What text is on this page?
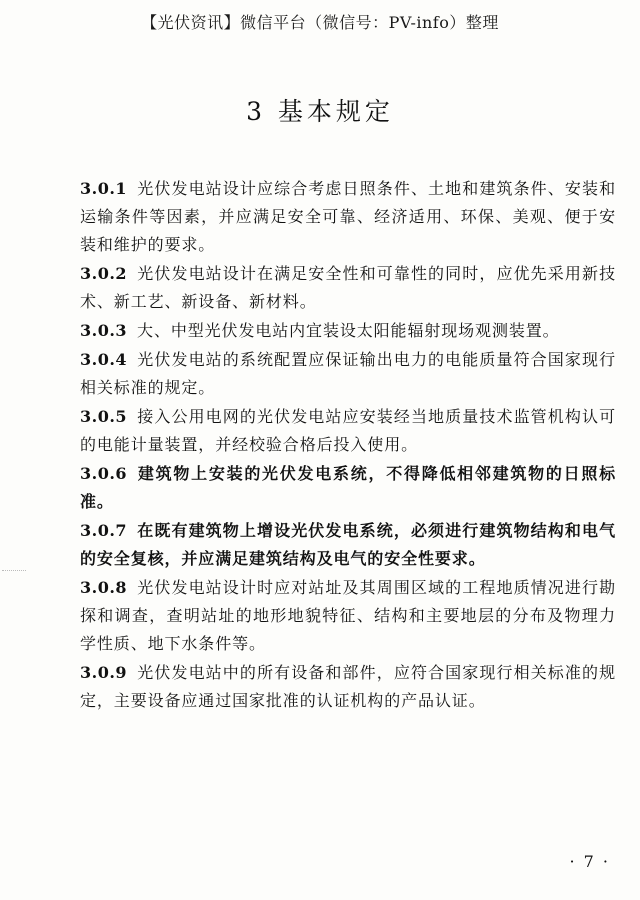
【光伏资讯】微信平台（微信号：PV-info）整理
3 基本规定

3.0.1 光伏发电站设计应综合考虑日照条件、土地和建筑条件、安装和运输条件等因素，并应满足安全可靠、经济适用、环保、美观、便于安装和维护的要求。

3.0.2 光伏发电站设计在满足安全性和可靠性的同时，应优先采用新技术、新工艺、新设备、新材料。

3.0.3 大、中型光伏发电站内宜装设太阳能辐射现场观测装置。

3.0.4 光伏发电站的系统配置应保证输出电力的电能质量符合国家现行相关标准的规定。

3.0.5 接入公用电网的光伏发电站应安装经当地质量技术监管机构认可的电能计量装置，并经校验合格后投入使用。

3.0.6 建筑物上安装的光伏发电系统，不得降低相邻建筑物的日照标准。

3.0.7 在既有建筑物上增设光伏发电系统，必须进行建筑物结构和电气的安全复核，并应满足建筑结构及电气的安全性要求。

3.0.8 光伏发电站设计时应对站址及其周围区域的工程地质情况进行勘探和调查，查明站址的地形地貌特征、结构和主要地层的分布及物理力学性质、地下水条件等。

3.0.9 光伏发电站中的所有设备和部件，应符合国家现行相关标准的规定，主要设备应通过国家批准的认证机构的产品认证。

· 7 ·
